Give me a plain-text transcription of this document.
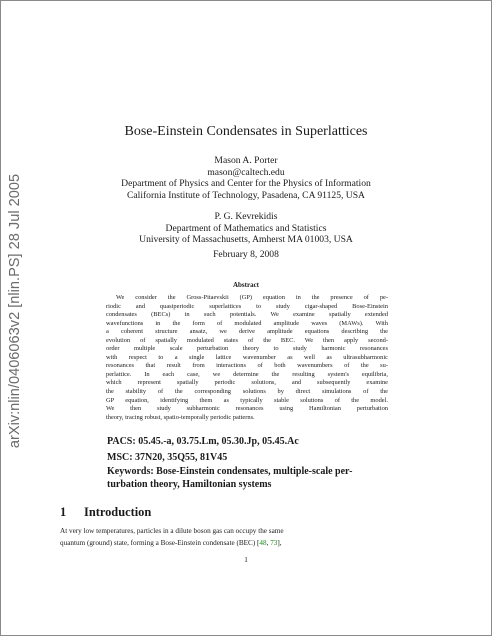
arXiv:nlin/0406063v2 [nlin.PS] 28 Jul 2005
Bose-Einstein Condensates in Superlattices
Mason A. Porter
mason@caltech.edu
Department of Physics and Center for the Physics of Information
California Institute of Technology, Pasadena, CA 91125, USA
P. G. Kevrekidis
Department of Mathematics and Statistics
University of Massachusetts, Amherst MA 01003, USA
February 8, 2008
Abstract
We consider the Gross-Pitaevskii (GP) equation in the presence of pe-
riodic and quasiperiodic superlattices to study cigar-shaped Bose-Einstein
condensates (BECs) in such potentials. We examine spatially extended
wavefunctions in the form of modulated amplitude waves (MAWs). With
a coherent structure ansatz, we derive amplitude equations describing the
evolution of spatially modulated states of the BEC. We then apply second-
order multiple scale perturbation theory to study harmonic resonances
with respect to a single lattice wavenumber as well as ultrasubharmonic
resonances that result from interactions of both wavenumbers of the su-
perlattice. In each case, we determine the resulting system's equilibria,
which represent spatially periodic solutions, and subsequently examine
the stability of the corresponding solutions by direct simulations of the
GP equation, identifying them as typically stable solutions of the model.
We then study subharmonic resonances using Hamiltonian perturbation
theory, tracing robust, spatio-temporally periodic patterns.
PACS: 05.45.-a, 03.75.Lm, 05.30.Jp, 05.45.Ac
MSC: 37N20, 35Q55, 81V45
Keywords: Bose-Einstein condensates, multiple-scale per-
turbation theory, Hamiltonian systems
1 Introduction
At very low temperatures, particles in a dilute boson gas can occupy the same
quantum (ground) state, forming a Bose-Einstein condensate (BEC) [48, 73],
1
